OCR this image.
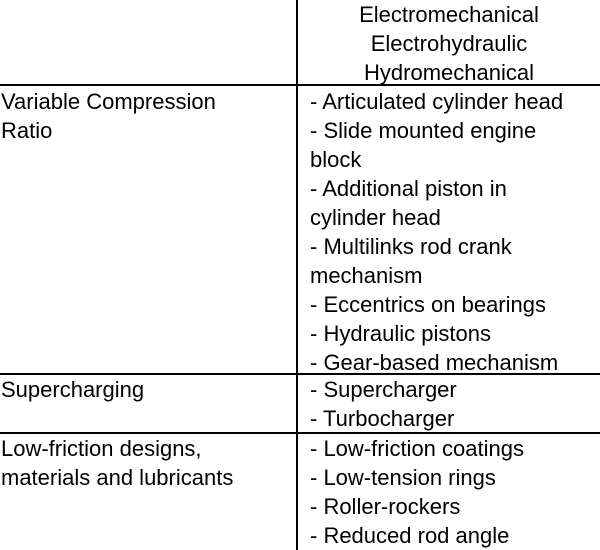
Electromechanical
Electrohydraulic
Hydromechanical
Variable Compression
Ratio
- Articulated cylinder head
- Slide mounted engine
block
- Additional piston in
cylinder head
- Multilinks rod crank
mechanism
- Eccentrics on bearings
- Hydraulic pistons
- Gear-based mechanism
Supercharging	- Supercharger
- Turbocharger
Low-friction designs,
materials and lubricants
- Low-friction coatings
- Low-tension rings
- Roller-rockers
- Reduced rod angle
